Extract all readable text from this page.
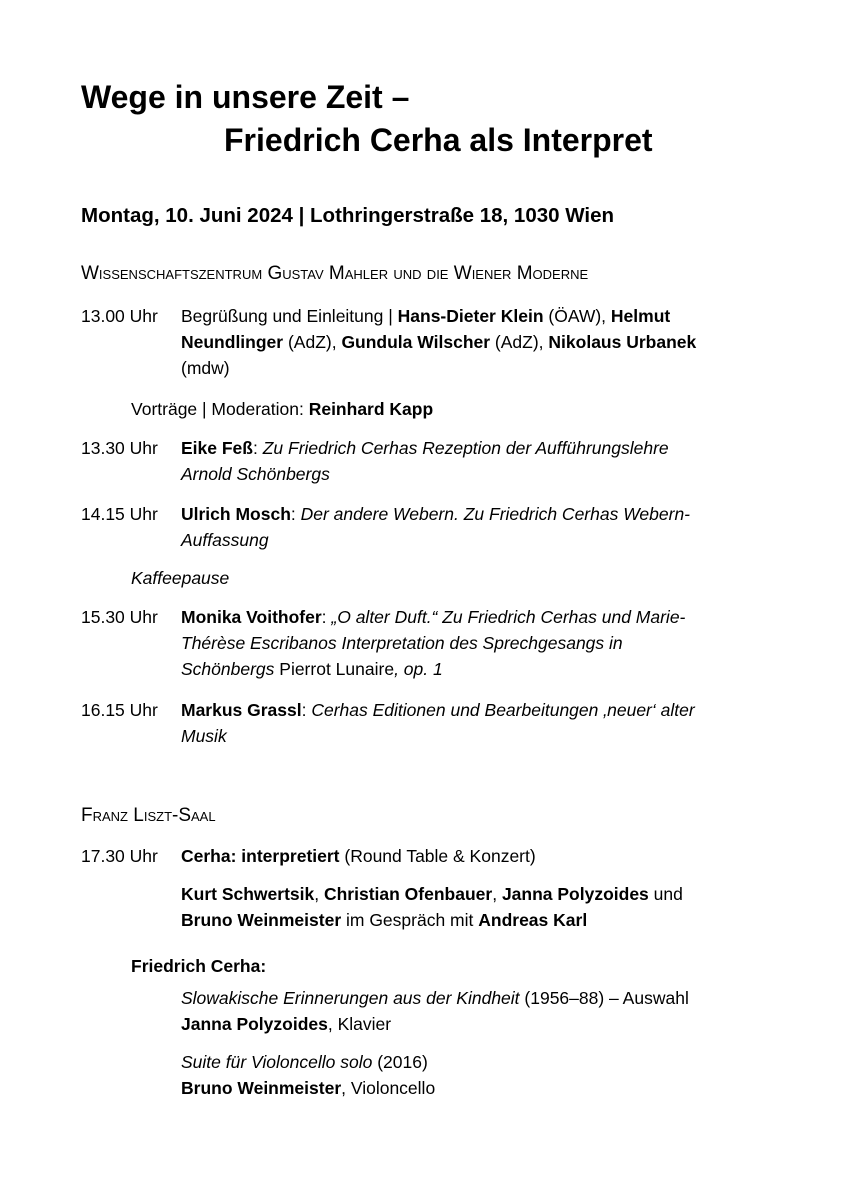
Wege in unsere Zeit –
Friedrich Cerha als Interpret
Montag, 10. Juni 2024 | Lothringerstraße 18, 1030 Wien
Wissenschaftszentrum Gustav Mahler und die Wiener Moderne
13.00 Uhr Begrüßung und Einleitung | Hans-Dieter Klein (ÖAW), Helmut
Neundlinger (AdZ), Gundula Wilscher (AdZ), Nikolaus Urbanek
(mdw)
Vorträge | Moderation: Reinhard Kapp
13.30 Uhr Eike Feß: Zu Friedrich Cerhas Rezeption der Aufführungslehre
Arnold Schönbergs
14.15 Uhr Ulrich Mosch: Der andere Webern. Zu Friedrich Cerhas Webern-
Auffassung
Kaffeepause
15.30 Uhr Monika Voithofer: „O alter Duft.“ Zu Friedrich Cerhas und Marie-
Thérèse Escribanos Interpretation des Sprechgesangs in
Schönbergs Pierrot Lunaire, op. 1
16.15 Uhr Markus Grassl: Cerhas Editionen und Bearbeitungen ‚neuer‘ alter
Musik
Franz Liszt-Saal
17.30 Uhr Cerha: interpretiert (Round Table & Konzert)
Kurt Schwertsik, Christian Ofenbauer, Janna Polyzoides und
Bruno Weinmeister im Gespräch mit Andreas Karl
Friedrich Cerha:
Slowakische Erinnerungen aus der Kindheit (1956–88) – Auswahl
Janna Polyzoides, Klavier
Suite für Violoncello solo (2016)
Bruno Weinmeister, Violoncello
